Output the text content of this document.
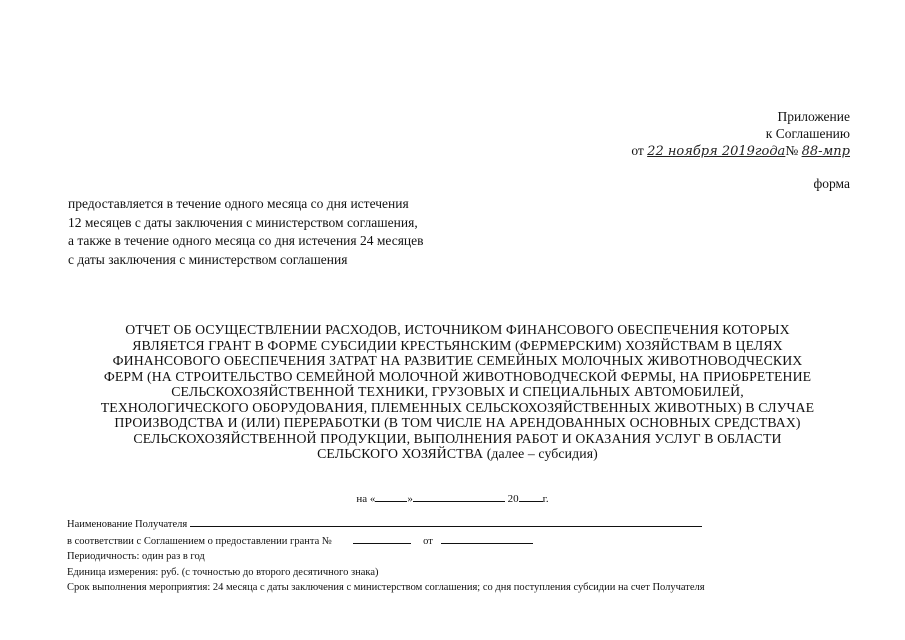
Приложение
к Соглашению
от 22 ноября 2019года№ 88-мпр
форма
предоставляется в течение одного месяца со дня истечения
12 месяцев с даты заключения с министерством соглашения,
а также в течение одного месяца со дня истечения 24 месяцев
с даты заключения с министерством соглашения
ОТЧЕТ ОБ ОСУЩЕСТВЛЕНИИ РАСХОДОВ, ИСТОЧНИКОМ ФИНАНСОВОГО ОБЕСПЕЧЕНИЯ КОТОРЫХ
ЯВЛЯЕТСЯ ГРАНТ В ФОРМЕ СУБСИДИИ КРЕСТЬЯНСКИМ (ФЕРМЕРСКИМ) ХОЗЯЙСТВАМ В ЦЕЛЯХ
ФИНАНСОВОГО ОБЕСПЕЧЕНИЯ ЗАТРАТ НА РАЗВИТИЕ СЕМЕЙНЫХ МОЛОЧНЫХ ЖИВОТНОВОДЧЕСКИХ
ФЕРМ (НА СТРОИТЕЛЬСТВО СЕМЕЙНОЙ МОЛОЧНОЙ ЖИВОТНОВОДЧЕСКОЙ ФЕРМЫ, НА ПРИОБРЕТЕНИЕ
СЕЛЬСКОХОЗЯЙСТВЕННОЙ ТЕХНИКИ, ГРУЗОВЫХ И СПЕЦИАЛЬНЫХ АВТОМОБИЛЕЙ,
ТЕХНОЛОГИЧЕСКОГО ОБОРУДОВАНИЯ, ПЛЕМЕННЫХ СЕЛЬСКОХОЗЯЙСТВЕННЫХ ЖИВОТНЫХ) В СЛУЧАЕ
ПРОИЗВОДСТВА И (ИЛИ) ПЕРЕРАБОТКИ (В ТОМ ЧИСЛЕ НА АРЕНДОВАННЫХ ОСНОВНЫХ СРЕДСТВАХ)
СЕЛЬСКОХОЗЯЙСТВЕННОЙ ПРОДУКЦИИ, ВЫПОЛНЕНИЯ РАБОТ И ОКАЗАНИЯ УСЛУГ В ОБЛАСТИ
СЕЛЬСКОГО ХОЗЯЙСТВА (далее – субсидия)
на «	»	20 г.
Наименование Получателя
в соответствии с Соглашением о предоставлении гранта №	от
Периодичность: один раз в год
Единица измерения: руб. (с точностью до второго десятичного знака)
Срок выполнения мероприятия: 24 месяца с даты заключения с министерством соглашения; со дня поступления субсидии на счет Получателя
